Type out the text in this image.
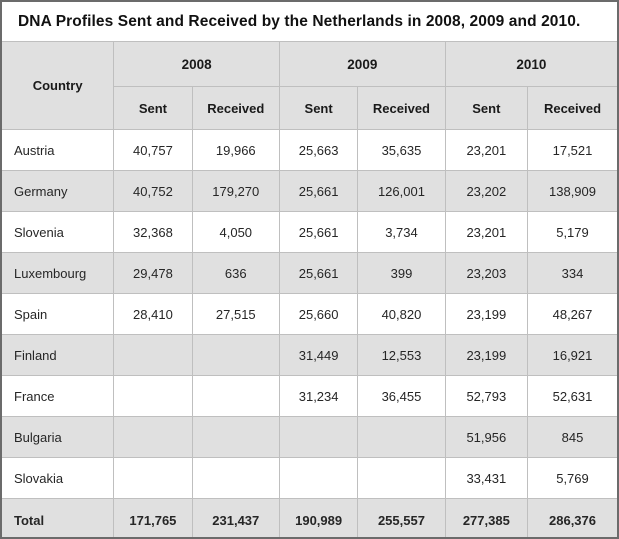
DNA Profiles Sent and Received by the Netherlands in 2008, 2009 and 2010.
Country	2008		2009		2010	
	Sent	Received	Sent	Received	Sent	Received
Austria	40,757	19,966	25,663	35,635	23,201	17,521
Germany	40,752	179,270	25,661	126,001	23,202	138,909
Slovenia	32,368	4,050	25,661	3,734	23,201	5,179
Luxembourg	29,478	636	25,661	399	23,203	334
Spain	28,410	27,515	25,660	40,820	23,199	48,267
Finland			31,449	12,553	23,199	16,921
France			31,234	36,455	52,793	52,631
Bulgaria					51,956	845
Slovakia					33,431	5,769
Total	171,765	231,437	190,989	255,557	277,385	286,376
